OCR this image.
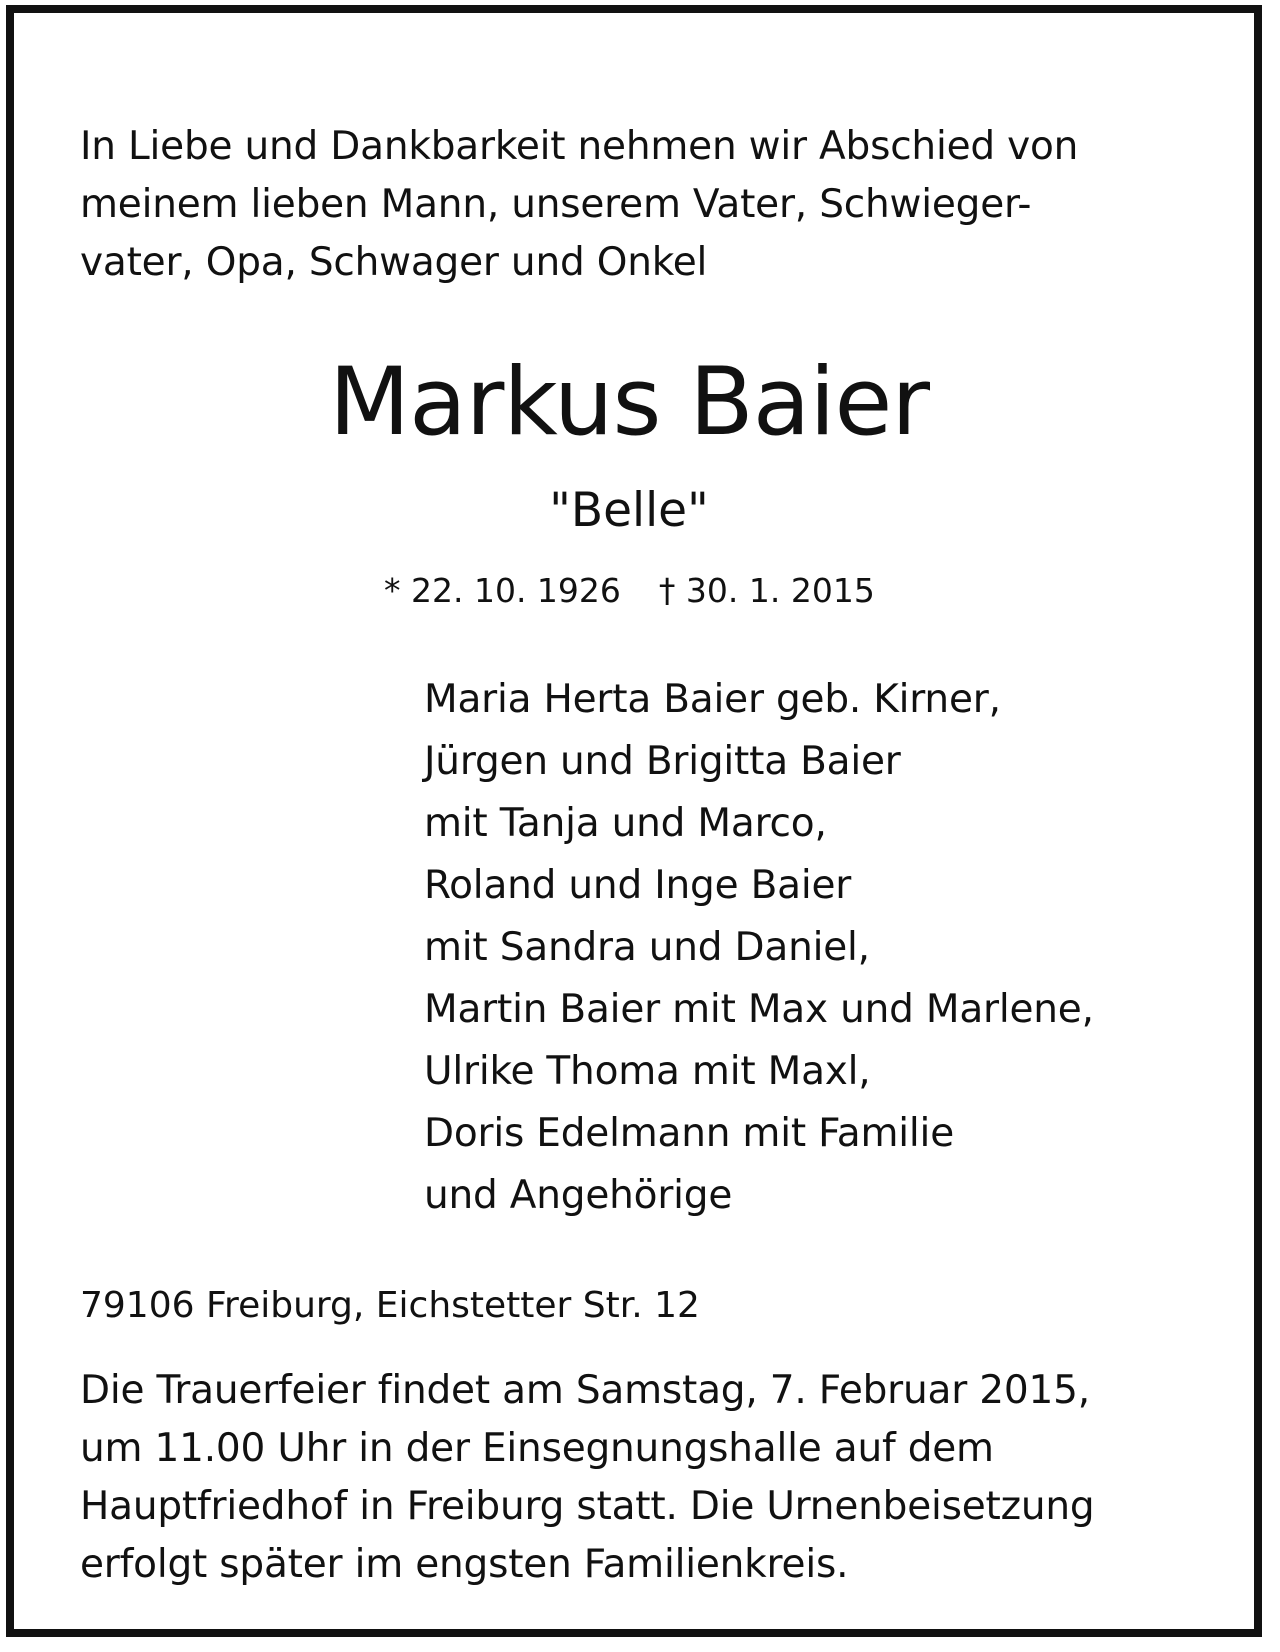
In Liebe und Dankbarkeit nehmen wir Abschied von
meinem lieben Mann, unserem Vater, Schwieger-
vater, Opa, Schwager und Onkel
Markus Baier
"Belle"
* 22. 10. 1926 † 30. 1. 2015
Maria Herta Baier geb. Kirner,
Jürgen und Brigitta Baier
mit Tanja und Marco,
Roland und Inge Baier
mit Sandra und Daniel,
Martin Baier mit Max und Marlene,
Ulrike Thoma mit Maxl,
Doris Edelmann mit Familie
und Angehörige
79106 Freiburg, Eichstetter Str. 12
Die Trauerfeier findet am Samstag, 7. Februar 2015,
um 11.00 Uhr in der Einsegnungshalle auf dem
Hauptfriedhof in Freiburg statt. Die Urnenbeisetzung
erfolgt später im engsten Familienkreis.
